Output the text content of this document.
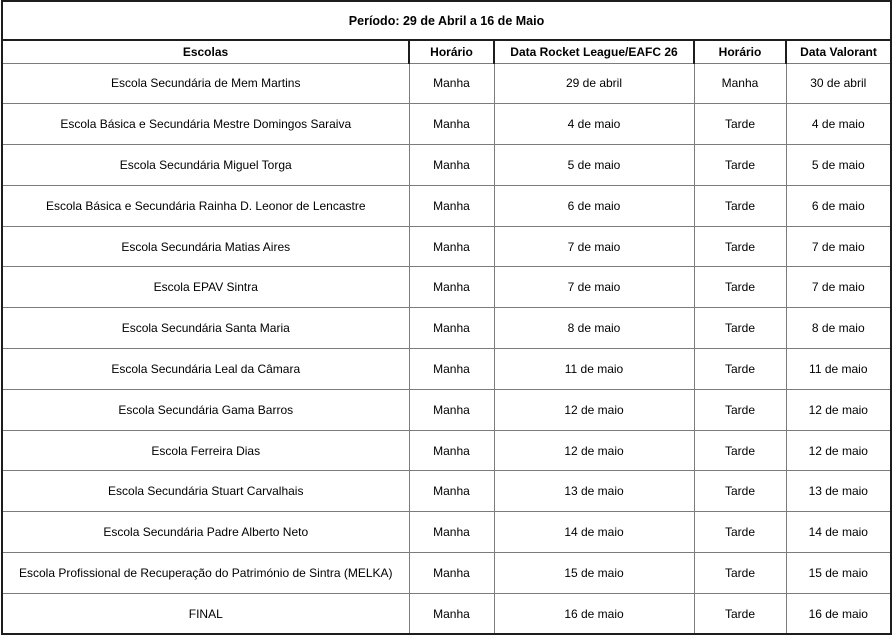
Período: 29 de Abril a 16 de Maio				
Escolas	Horário	Data Rocket League/EAFC 26	Horário	Data Valorant
Escola Secundária de Mem Martins	Manha	29 de abril	Manha	30 de abril
Escola Básica e Secundária Mestre Domingos Saraiva	Manha	4 de maio	Tarde	4 de maio
Escola Secundária Miguel Torga	Manha	5 de maio	Tarde	5 de maio
Escola Básica e Secundária Rainha D. Leonor de Lencastre	Manha	6 de maio	Tarde	6 de maio
Escola Secundária Matias Aires	Manha	7 de maio	Tarde	7 de maio
Escola EPAV Sintra	Manha	7 de maio	Tarde	7 de maio
Escola Secundária Santa Maria	Manha	8 de maio	Tarde	8 de maio
Escola Secundária Leal da Câmara	Manha	11 de maio	Tarde	11 de maio
Escola Secundária Gama Barros	Manha	12 de maio	Tarde	12 de maio
Escola Ferreira Dias	Manha	12 de maio	Tarde	12 de maio
Escola Secundária Stuart Carvalhais	Manha	13 de maio	Tarde	13 de maio
Escola Secundária Padre Alberto Neto	Manha	14 de maio	Tarde	14 de maio
Escola Profissional de Recuperação do Património de Sintra (MELKA)	Manha	15 de maio	Tarde	15 de maio
FINAL	Manha	16 de maio	Tarde	16 de maio
